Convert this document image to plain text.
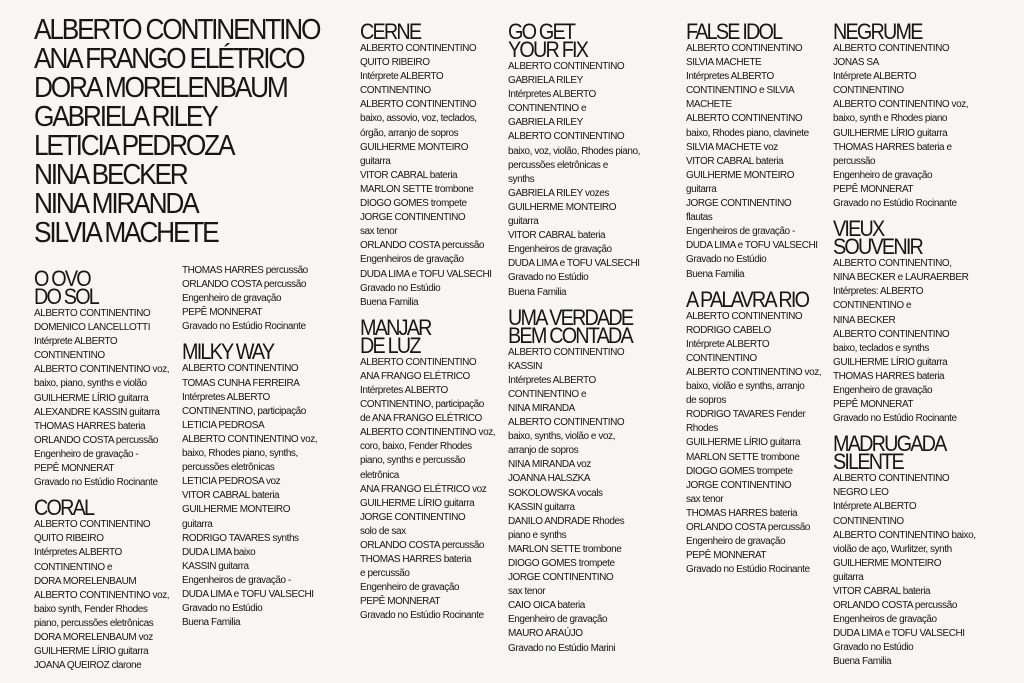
ALBERTO CONTINENTINO
ANA FRANGO ELÉTRICO
DORA MORELENBAUM
GABRIELA RILEY
LETICIA PEDROZA
NINA BECKER
NINA MIRANDA
SILVIA MACHETE
O OVO
DO SOL
ALBERTO CONTINENTINO
DOMENICO LANCELLOTTI
Intérprete ALBERTO
CONTINENTINO
ALBERTO CONTINENTINO voz,
baixo, piano, synths e violão
GUILHERME LÍRIO guitarra
ALEXANDRE KASSIN guitarra
THOMAS HARRES bateria
ORLANDO COSTA percussão
Engenheiro de gravação -
PEPÊ MONNERAT
Gravado no Estúdio Rocinante
CORAL
ALBERTO CONTINENTINO
QUITO RIBEIRO
Intérpretes ALBERTO
CONTINENTINO e
DORA MORELENBAUM
ALBERTO CONTINENTINO voz,
baixo synth, Fender Rhodes
piano, percussões eletrônicas
DORA MORELENBAUM voz
GUILHERME LÍRIO guitarra
JOANA QUEIROZ clarone
THOMAS HARRES percussão
ORLANDO COSTA percussão
Engenheiro de gravação
PEPÊ MONNERAT
Gravado no Estúdio Rocinante
MILKY WAY
ALBERTO CONTINENTINO
TOMAS CUNHA FERREIRA
Intérpretes ALBERTO
CONTINENTINO, participação
LETICIA PEDROSA
ALBERTO CONTINENTINO voz,
baixo, Rhodes piano, synths,
percussões eletrônicas
LETICIA PEDROSA voz
VITOR CABRAL bateria
GUILHERME MONTEIRO
guitarra
RODRIGO TAVARES synths
DUDA LIMA baixo
KASSIN guitarra
Engenheiros de gravação -
DUDA LIMA e TOFU VALSECHI
Gravado no Estúdio
Buena Familia
CERNE
ALBERTO CONTINENTINO
QUITO RIBEIRO
Intérprete ALBERTO
CONTINENTINO
ALBERTO CONTINENTINO
baixo, assovio, voz, teclados,
órgão, arranjo de sopros
GUILHERME MONTEIRO
guitarra
VITOR CABRAL bateria
MARLON SETTE trombone
DIOGO GOMES trompete
JORGE CONTINENTINO
sax tenor
ORLANDO COSTA percussão
Engenheiros de gravação
DUDA LIMA e TOFU VALSECHI
Gravado no Estúdio
Buena Familia
MANJAR
DE LUZ
ALBERTO CONTINENTINO
ANA FRANGO ELÉTRICO
Intérpretes ALBERTO
CONTINENTINO, participação
de ANA FRANGO ELÉTRICO
ALBERTO CONTINENTINO voz,
coro, baixo, Fender Rhodes
piano, synths e percussão
eletrônica
ANA FRANGO ELÉTRICO voz
GUILHERME LÍRIO guitarra
JORGE CONTINENTINO
solo de sax
ORLANDO COSTA percussão
THOMAS HARRES bateria
e percussão
Engenheiro de gravação
PEPÊ MONNERAT
Gravado no Estúdio Rocinante
GO GET
YOUR FIX
ALBERTO CONTINENTINO
GABRIELA RILEY
Intérpretes ALBERTO
CONTINENTINO e
GABRIELA RILEY
ALBERTO CONTINENTINO
baixo, voz, violão, Rhodes piano,
percussões eletrônicas e
synths
GABRIELA RILEY vozes
GUILHERME MONTEIRO
guitarra
VITOR CABRAL bateria
Engenheiros de gravação
DUDA LIMA e TOFU VALSECHI
Gravado no Estúdio
Buena Familia
UMA VERDADE
BEM CONTADA
ALBERTO CONTINENTINO
KASSIN
Intérpretes ALBERTO
CONTINENTINO e
NINA MIRANDA
ALBERTO CONTINENTINO
baixo, synths, violão e voz,
arranjo de sopros
NINA MIRANDA voz
JOANNA HALSZKA
SOKOLOWSKA vocals
KASSIN guitarra
DANILO ANDRADE Rhodes
piano e synths
MARLON SETTE trombone
DIOGO GOMES trompete
JORGE CONTINENTINO
sax tenor
CAIO OICA bateria
Engenheiro de gravação
MAURO ARAÚJO
Gravado no Estúdio Marini
FALSE IDOL
ALBERTO CONTINENTINO
SILVIA MACHETE
Intérpretes ALBERTO
CONTINENTINO e SILVIA
MACHETE
ALBERTO CONTINENTINO
baixo, Rhodes piano, clavinete
SILVIA MACHETE voz
VITOR CABRAL bateria
GUILHERME MONTEIRO
guitarra
JORGE CONTINENTINO
flautas
Engenheiros de gravação -
DUDA LIMA e TOFU VALSECHI
Gravado no Estúdio
Buena Familia
A PALAVRA RIO
ALBERTO CONTINENTINO
RODRIGO CABELO
Intérprete ALBERTO
CONTINENTINO
ALBERTO CONTINENTINO voz,
baixo, violão e synths, arranjo
de sopros
RODRIGO TAVARES Fender
Rhodes
GUILHERME LÍRIO guitarra
MARLON SETTE trombone
DIOGO GOMES trompete
JORGE CONTINENTINO
sax tenor
THOMAS HARRES bateria
ORLANDO COSTA percussão
Engenheiro de gravação
PEPÊ MONNERAT
Gravado no Estúdio Rocinante
NEGRUME
ALBERTO CONTINENTINO
JONAS SA
Intérprete ALBERTO
CONTINENTINO
ALBERTO CONTINENTINO voz,
baixo, synth e Rhodes piano
GUILHERME LÍRIO guitarra
THOMAS HARRES bateria e
percussão
Engenheiro de gravação
PEPÊ MONNERAT
Gravado no Estúdio Rocinante
VIEUX
SOUVENIR
ALBERTO CONTINENTINO,
NINA BECKER e LAURAERBER
Intérpretes: ALBERTO
CONTINENTINO e
NINA BECKER
ALBERTO CONTINENTINO
baixo, teclados e synths
GUILHERME LÍRIO guitarra
THOMAS HARRES bateria
Engenheiro de gravação
PEPÊ MONNERAT
Gravado no Estúdio Rocinante
MADRUGADA
SILENTE
ALBERTO CONTINENTINO
NEGRO LEO
Intérprete ALBERTO
CONTINENTINO
ALBERTO CONTINENTINO baixo,
violão de aço, Wurlitzer, synth
GUILHERME MONTEIRO
guitarra
VITOR CABRAL bateria
ORLANDO COSTA percussão
Engenheiros de gravação
DUDA LIMA e TOFU VALSECHI
Gravado no Estúdio
Buena Familia
